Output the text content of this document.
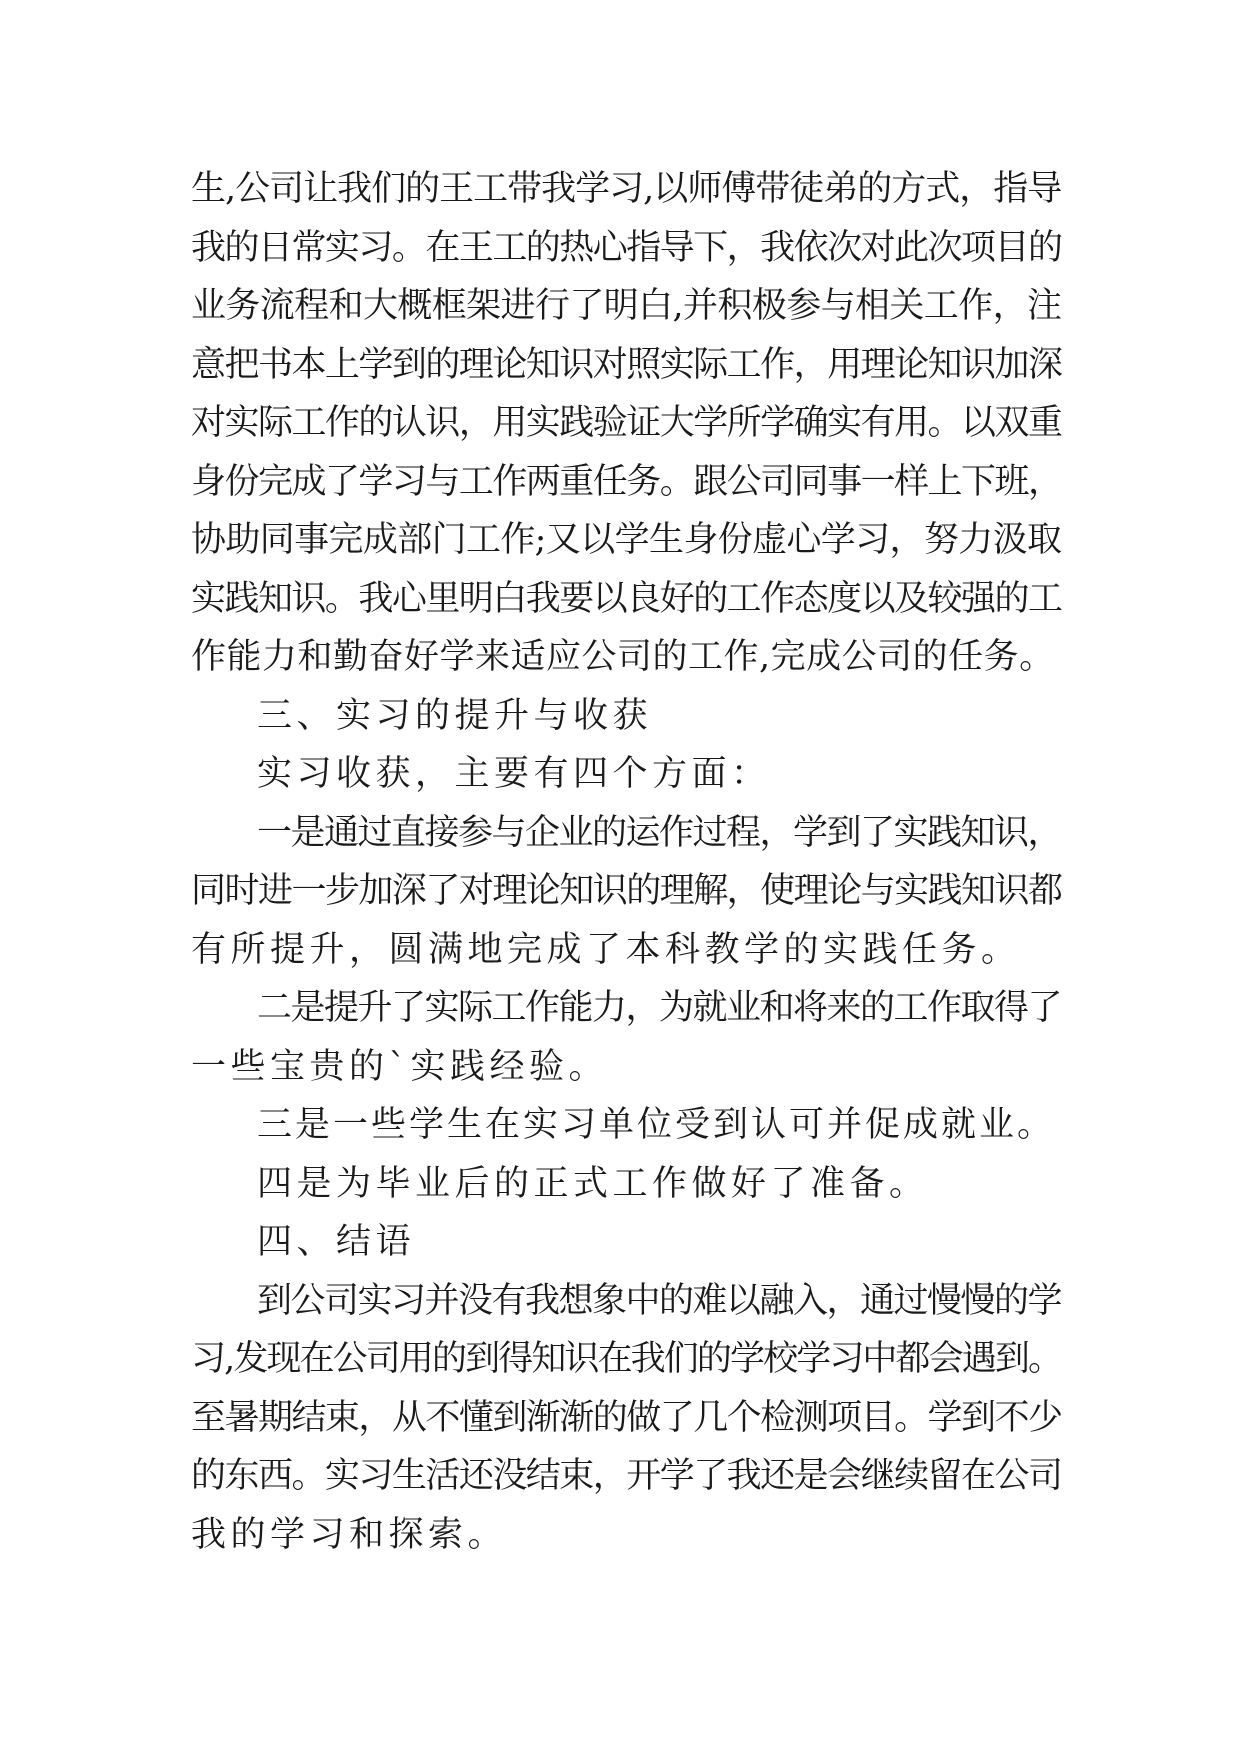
生,公司让我们的王工带我学习,以师傅带徒弟的方式，指导
我的日常实习。在王工的热心指导下，我依次对此次项目的
业务流程和大概框架进行了明白,并积极参与相关工作，注
意把书本上学到的理论知识对照实际工作，用理论知识加深
对实际工作的认识，用实践验证大学所学确实有用。以双重
身份完成了学习与工作两重任务。跟公司同事一样上下班，
协助同事完成部门工作;又以学生身份虚心学习，努力汲取
实践知识。我心里明白我要以良好的工作态度以及较强的工
作能力和勤奋好学来适应公司的工作,完成公司的任务。
三、实习的提升与收获
实习收获，主要有四个方面：
一是通过直接参与企业的运作过程，学到了实践知识，
同时进一步加深了对理论知识的理解，使理论与实践知识都
有所提升，圆满地完成了本科教学的实践任务。
二是提升了实际工作能力，为就业和将来的工作取得了
一些宝贵的`实践经验。
三是一些学生在实习单位受到认可并促成就业。
四是为毕业后的正式工作做好了准备。
四、结语
到公司实习并没有我想象中的难以融入，通过慢慢的学
习,发现在公司用的到得知识在我们的学校学习中都会遇到。
至暑期结束，从不懂到渐渐的做了几个检测项目。学到不少
的东西。实习生活还没结束，开学了我还是会继续留在公司
我的学习和探索。
